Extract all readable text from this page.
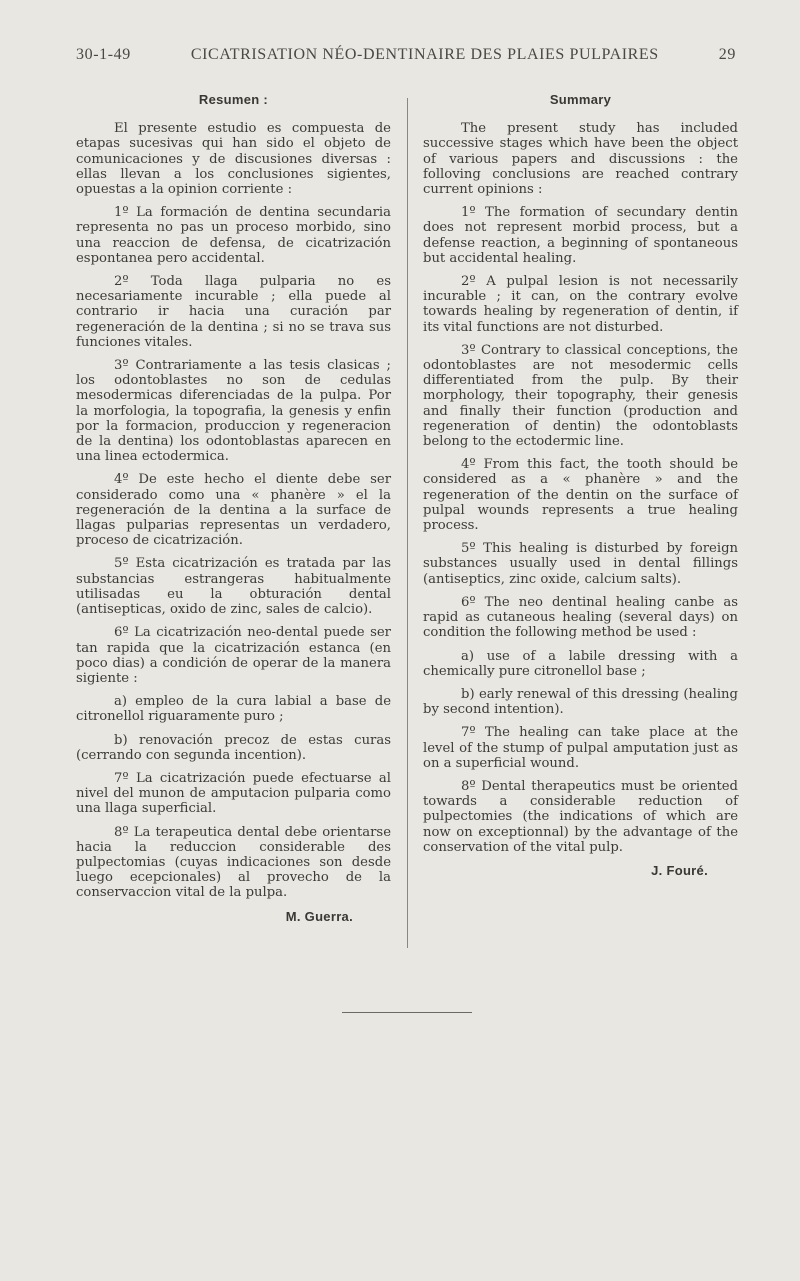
30-1-49	CICATRISATION NÉO-DENTINAIRE DES PLAIES PULPAIRES	29
Resumen :

El presente estudio es compuesta de etapas sucesivas qui han sido el objeto de comunicaciones y de discusiones diversas : ellas llevan a los conclusiones sigientes, opuestas a la opinion corriente :

1º La formación de dentina secundaria representa no pas un proceso morbido, sino una reaccion de defensa, de cicatrización espontanea pero accidental.

2º Toda llaga pulparia no es necesariamente incurable ; ella puede al contrario ir hacia una curación par regeneración de la dentina ; si no se trava sus funciones vitales.

3º Contrariamente a las tesis clasicas ; los odontoblastes no son de cedulas mesodermicas diferenciadas de la pulpa. Por la morfologia, la topografia, la genesis y enfin por la formacion, produccion y regeneracion de la dentina) los odontoblastas aparecen en una linea ectodermica.

4º De este hecho el diente debe ser considerado como una « phanère » el la regeneración de la dentina a la surface de llagas pulparias representas un verdadero, proceso de cicatrización.

5º Esta cicatrización es tratada par las substancias estrangeras habitualmente utilisadas eu la obturación dental (antisepticas, oxido de zinc, sales de calcio).

6º La cicatrización neo-dental puede ser tan rapida que la cicatrización estanca (en poco dias) a condición de operar de la manera sigiente :

a) empleo de la cura labial a base de citronellol riguaramente puro ;

b) renovación precoz de estas curas (cerrando con segunda incention).

7º La cicatrización puede efectuarse al nivel del munon de amputacion pulparia como una llaga superficial.

8º La terapeutica dental debe orientarse hacia la reduccion considerable des pulpectomias (cuyas indicaciones son desde luego ecepcionales) al provecho de la conservaccion vital de la pulpa.

M. Guerra.
Summary

The present study has included successive stages which have been the object of various papers and discussions : the folloving conclusions are reached contrary current opinions :

1º The formation of secundary dentin does not represent morbid process, but a defense reaction, a beginning of spontaneous but accidental healing.

2º A pulpal lesion is not necessarily incurable ; it can, on the contrary evolve towards healing by regeneration of dentin, if its vital functions are not disturbed.

3º Contrary to classical conceptions, the odontoblastes are not mesodermic cells differentiated from the pulp. By their morphology, their topography, their genesis and finally their function (production and regeneration of dentin) the odontoblasts belong to the ectodermic line.

4º From this fact, the tooth should be considered as a « phanère » and the regeneration of the dentin on the surface of pulpal wounds represents a true healing process.

5º This healing is disturbed by foreign substances usually used in dental fillings (antiseptics, zinc oxide, calcium salts).

6º The neo dentinal healing canbe as rapid as cutaneous healing (several days) on condition the following method be used :

a) use of a labile dressing with a chemically pure citronellol base ;

b) early renewal of this dressing (healing by second intention).

7º The healing can take place at the level of the stump of pulpal amputation just as on a superficial wound.

8º Dental therapeutics must be oriented towards a considerable reduction of pulpectomies (the indications of which are now on exceptionnal) by the advantage of the conservation of the vital pulp.

J. Fouré.
